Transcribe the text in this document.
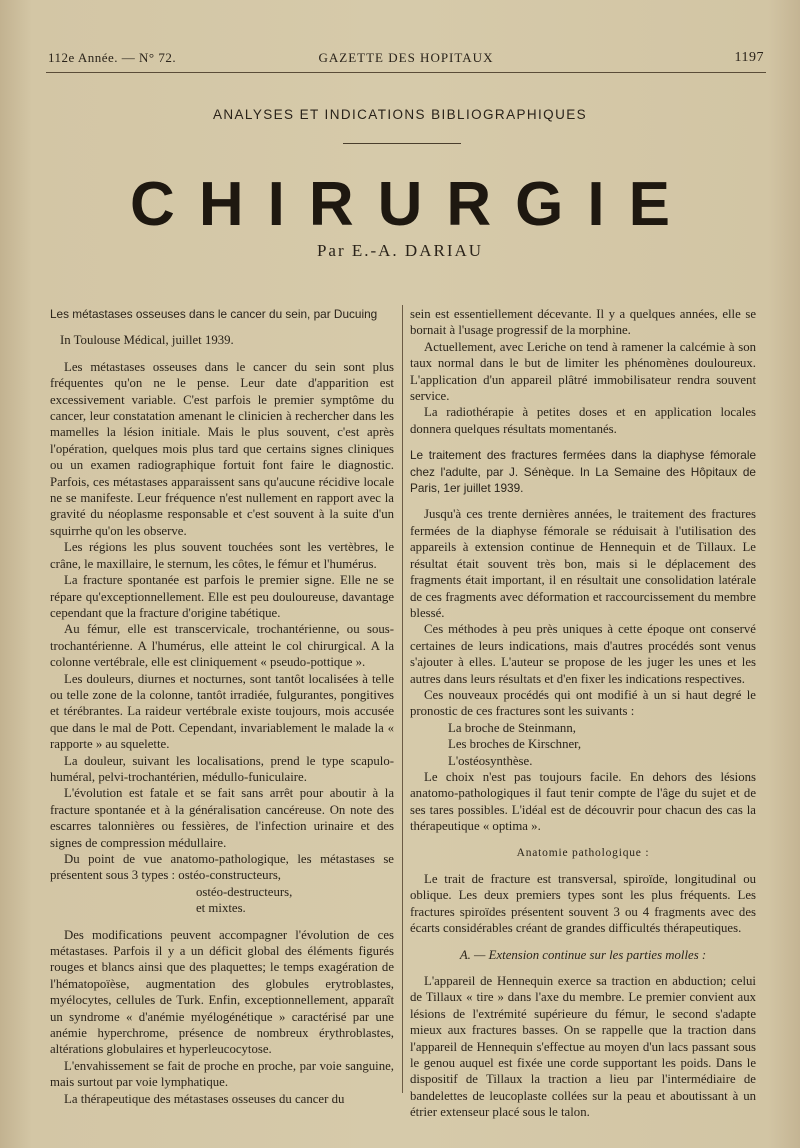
112e Année. — N° 72.	GAZETTE DES HOPITAUX	1197
ANALYSES ET INDICATIONS BIBLIOGRAPHIQUES
CHIRURGIE
Par E.-A. DARIAU

Les métastases osseuses dans le cancer du sein, par Ducuing

In Toulouse Médical, juillet 1939.

Les métastases osseuses dans le cancer du sein sont plus fréquentes qu'on ne le pense. Leur date d'apparition est excessivement variable. C'est parfois le premier symptôme du cancer, leur constatation amenant le clinicien à rechercher dans les mamelles la lésion initiale. Mais le plus souvent, c'est après l'opération, quelques mois plus tard que certains signes cliniques ou un examen radiographique fortuit font faire le diagnostic. Parfois, ces métastases apparaissent sans qu'aucune récidive locale ne se manifeste. Leur fréquence n'est nullement en rapport avec la gravité du néoplasme responsable et c'est souvent à la suite d'un squirrhe qu'on les observe.

Les régions les plus souvent touchées sont les vertèbres, le crâne, le maxillaire, le sternum, les côtes, le fémur et l'humérus.

La fracture spontanée est parfois le premier signe. Elle ne se répare qu'exceptionnellement. Elle est peu douloureuse, davantage cependant que la fracture d'origine tabétique.

Au fémur, elle est transcervicale, trochantérienne, ou sous-trochantérienne. A l'humérus, elle atteint le col chirurgical. A la colonne vertébrale, elle est cliniquement « pseudo-pottique ».

Les douleurs, diurnes et nocturnes, sont tantôt localisées à telle ou telle zone de la colonne, tantôt irradiée, fulgurantes, pongitives et térébrantes. La raideur vertébrale existe toujours, mois accusée que dans le mal de Pott. Cependant, invariablement le malade la « rapporte » au squelette.

La douleur, suivant les localisations, prend le type scapulo-huméral, pelvi-trochantérien, médullo-funiculaire.

L'évolution est fatale et se fait sans arrêt pour aboutir à la fracture spontanée et à la généralisation cancéreuse. On note des escarres talonnières ou fessières, de l'infection urinaire et des signes de compression médullaire.

Du point de vue anatomo-pathologique, les métastases se présentent sous 3 types : ostéo-constructeurs,

ostéo-destructeurs,

et mixtes.

Des modifications peuvent accompagner l'évolution de ces métastases. Parfois il y a un déficit global des éléments figurés rouges et blancs ainsi que des plaquettes; le temps exagération de l'hématopoïèse, augmentation des globules erytroblastes, myélocytes, cellules de Turk. Enfin, exceptionnellement, apparaît un syndrome « d'anémie myélogénétique » caractérisé par une anémie hyperchrome, présence de nombreux érythroblastes, altérations globulaires et hyperleucocytose.

L'envahissement se fait de proche en proche, par voie sanguine, mais surtout par voie lymphatique.

La thérapeutique des métastases osseuses du cancer du

sein est essentiellement décevante. Il y a quelques années, elle se bornait à l'usage progressif de la morphine.

Actuellement, avec Leriche on tend à ramener la calcémie à son taux normal dans le but de limiter les phénomènes douloureux. L'application d'un appareil plâtré immobilisateur rendra souvent service.

La radiothérapie à petites doses et en application locales donnera quelques résultats momentanés.

Le traitement des fractures fermées dans la diaphyse fémorale chez l'adulte, par J. Sénèque. In La Semaine des Hôpitaux de Paris, 1er juillet 1939.

Jusqu'à ces trente dernières années, le traitement des fractures fermées de la diaphyse fémorale se réduisait à l'utilisation des appareils à extension continue de Hennequin et de Tillaux. Le résultat était souvent très bon, mais si le déplacement des fragments était important, il en résultait une consolidation latérale de ces fragments avec déformation et raccourcissement du membre blessé.

Ces méthodes à peu près uniques à cette époque ont conservé certaines de leurs indications, mais d'autres procédés sont venus s'ajouter à elles. L'auteur se propose de les juger les unes et les autres dans leurs résultats et d'en fixer les indications respectives.

Ces nouveaux procédés qui ont modifié à un si haut degré le pronostic de ces fractures sont les suivants :

La broche de Steinmann,

Les broches de Kirschner,

L'ostéosynthèse.

Le choix n'est pas toujours facile. En dehors des lésions anatomo-pathologiques il faut tenir compte de l'âge du sujet et de ses tares possibles. L'idéal est de découvrir pour chacun des cas la thérapeutique « optima ».

Anatomie pathologique :

Le trait de fracture est transversal, spiroïde, longitudinal ou oblique. Les deux premiers types sont les plus fréquents. Les fractures spiroïdes présentent souvent 3 ou 4 fragments avec des écarts considérables créant de grandes difficultés thérapeutiques.

A. — Extension continue sur les parties molles :

L'appareil de Hennequin exerce sa traction en abduction; celui de Tillaux « tire » dans l'axe du membre. Le premier convient aux lésions de l'extrémité supérieure du fémur, le second s'adapte mieux aux fractures basses. On se rappelle que la traction dans l'appareil de Hennequin s'effectue au moyen d'un lacs passant sous le genou auquel est fixée une corde supportant les poids. Dans le dispositif de Tillaux la traction a lieu par l'intermédiaire de bandelettes de leucoplaste collées sur la peau et aboutissant à un étrier extenseur placé sous le talon.
